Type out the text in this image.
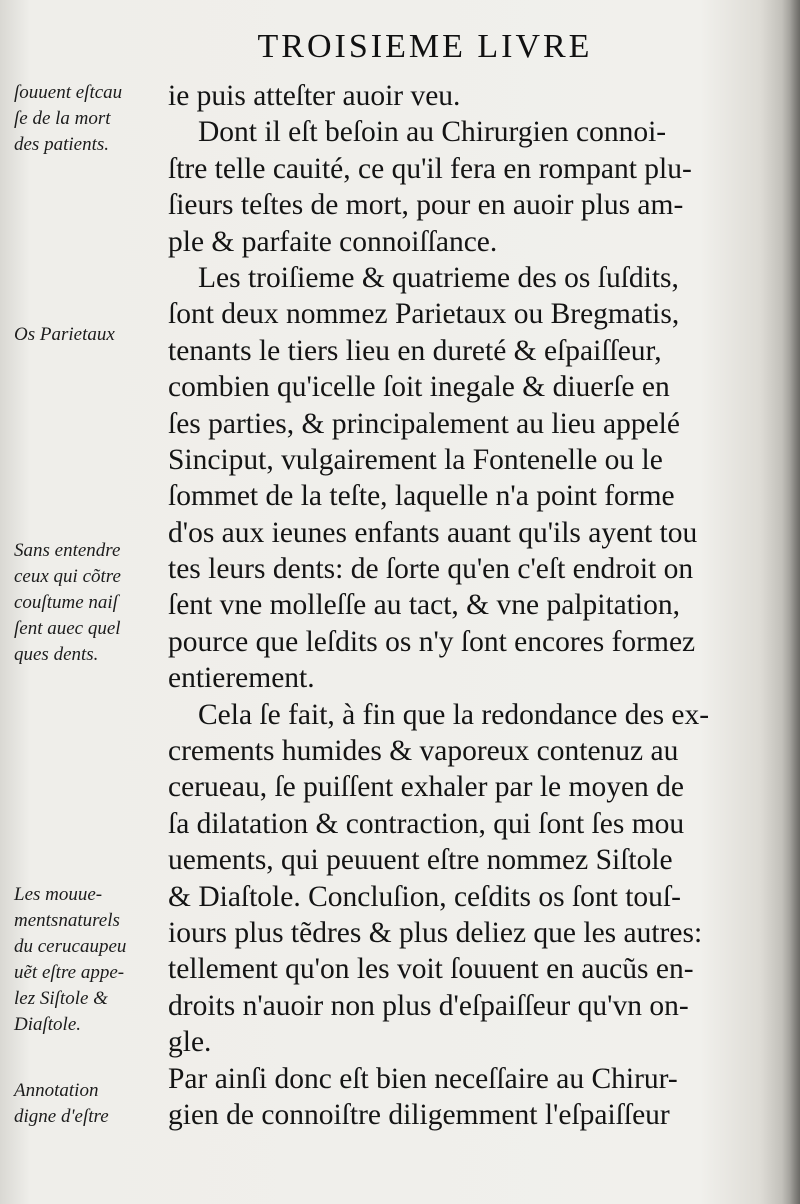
TROISIEME LIVRE
ie puis atteſter auoir veu.
Dont il eſt beſoin au Chirurgien connoi-
ſtre telle cauité, ce qu'il fera en rompant plu-
ſieurs teſtes de mort, pour en auoir plus am-
ple & parfaite connoiſſance.
Les troiſieme & quatrieme des os ſuſdits,
ſont deux nommez Parietaux ou Bregmatis,
tenants le tiers lieu en dureté & eſpaiſſeur,
combien qu'icelle ſoit inegale & diuerſe en
ſes parties, & principalement au lieu appelé
Sinciput, vulgairement la Fontenelle ou le
ſommet de la teſte, laquelle n'a point forme
d'os aux ieunes enfants auant qu'ils ayent tou
tes leurs dents: de ſorte qu'en c'eſt endroit on
ſent vne molleſſe au tact, & vne palpitation,
pource que leſdits os n'y ſont encores formez
entierement.
Cela ſe fait, à fin que la redondance des ex-
crements humides & vaporeux contenuz au
cerueau, ſe puiſſent exhaler par le moyen de
ſa dilatation & contraction, qui ſont ſes mou
uements, qui peuuent eſtre nommez Siſtole
& Diaſtole. Concluſion, ceſdits os ſont touſ-
iours plus tẽdres & plus deliez que les autres:
tellement qu'on les voit ſouuent en aucũs en-
droits n'auoir non plus d'eſpaiſſeur qu'vn on-
gle.
Par ainſi donc eſt bien neceſſaire au Chirur-
gien de connoiſtre diligemment l'eſpaiſſeur
ſouuent eſtcau
ſe de la mort
des patients.
Os Parietaux
Sans entendre
ceux qui cõtre
couſtume naiſ
ſent auec quel
ques dents.
Les mouue-
mentsnaturels
du cerucaupeu
uẽt eſtre appe-
lez Siſtole &
Diaſtole.
Annotation
digne d'eſtre
